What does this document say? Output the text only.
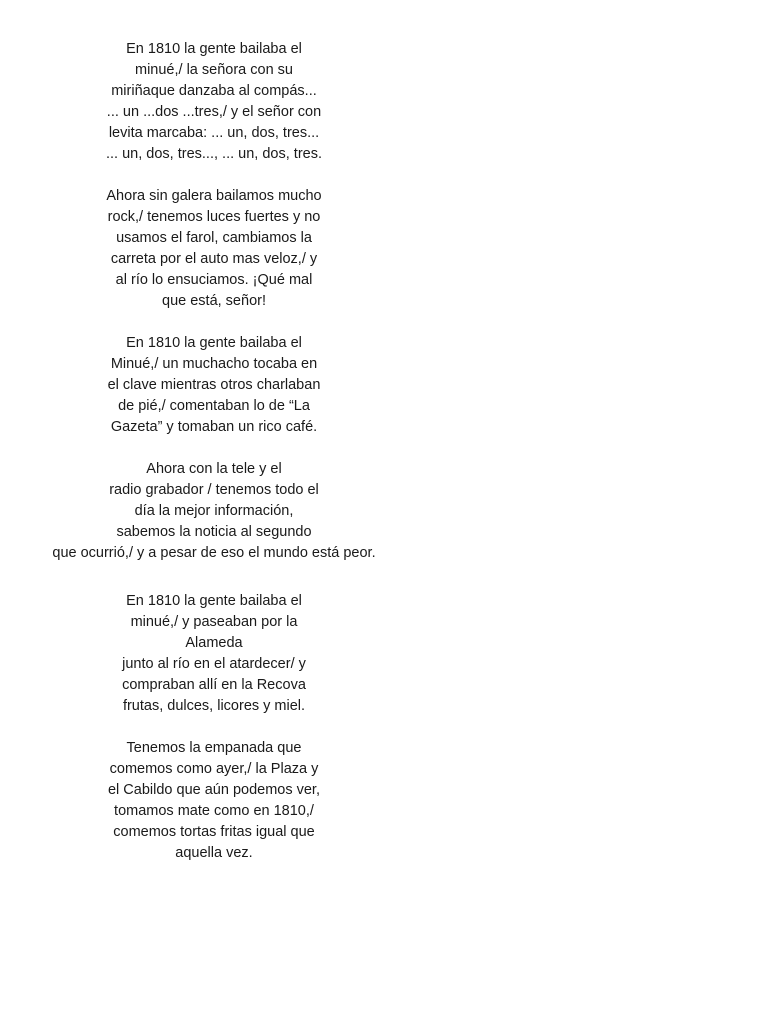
En 1810 la gente bailaba el
minué,/ la señora con su
miriñaque danzaba al compás...
... un ...dos ...tres,/ y el señor con
levita marcaba: ... un, dos, tres...
... un, dos, tres..., ... un, dos, tres.
Ahora sin galera bailamos mucho
rock,/ tenemos luces fuertes y no
usamos el farol, cambiamos la
carreta por el auto mas veloz,/ y
al río lo ensuciamos. ¡Qué mal
que está, señor!
En 1810 la gente bailaba el
Minué,/ un muchacho tocaba en
el clave mientras otros charlaban
de pié,/ comentaban lo de “La
Gazeta” y tomaban un rico café.
Ahora con la tele y el
radio grabador / tenemos todo el
día la mejor información,
sabemos la noticia al segundo
que ocurrió,/ y a pesar de eso el mundo está peor.
En 1810 la gente bailaba el
minué,/ y paseaban por la
Alameda
junto al río en el atardecer/ y
compraban allí en la Recova
frutas, dulces, licores y miel.
Tenemos la empanada que
comemos como ayer,/ la Plaza y
el Cabildo que aún podemos ver,
tomamos mate como en 1810,/
comemos tortas fritas igual que
aquella vez.
